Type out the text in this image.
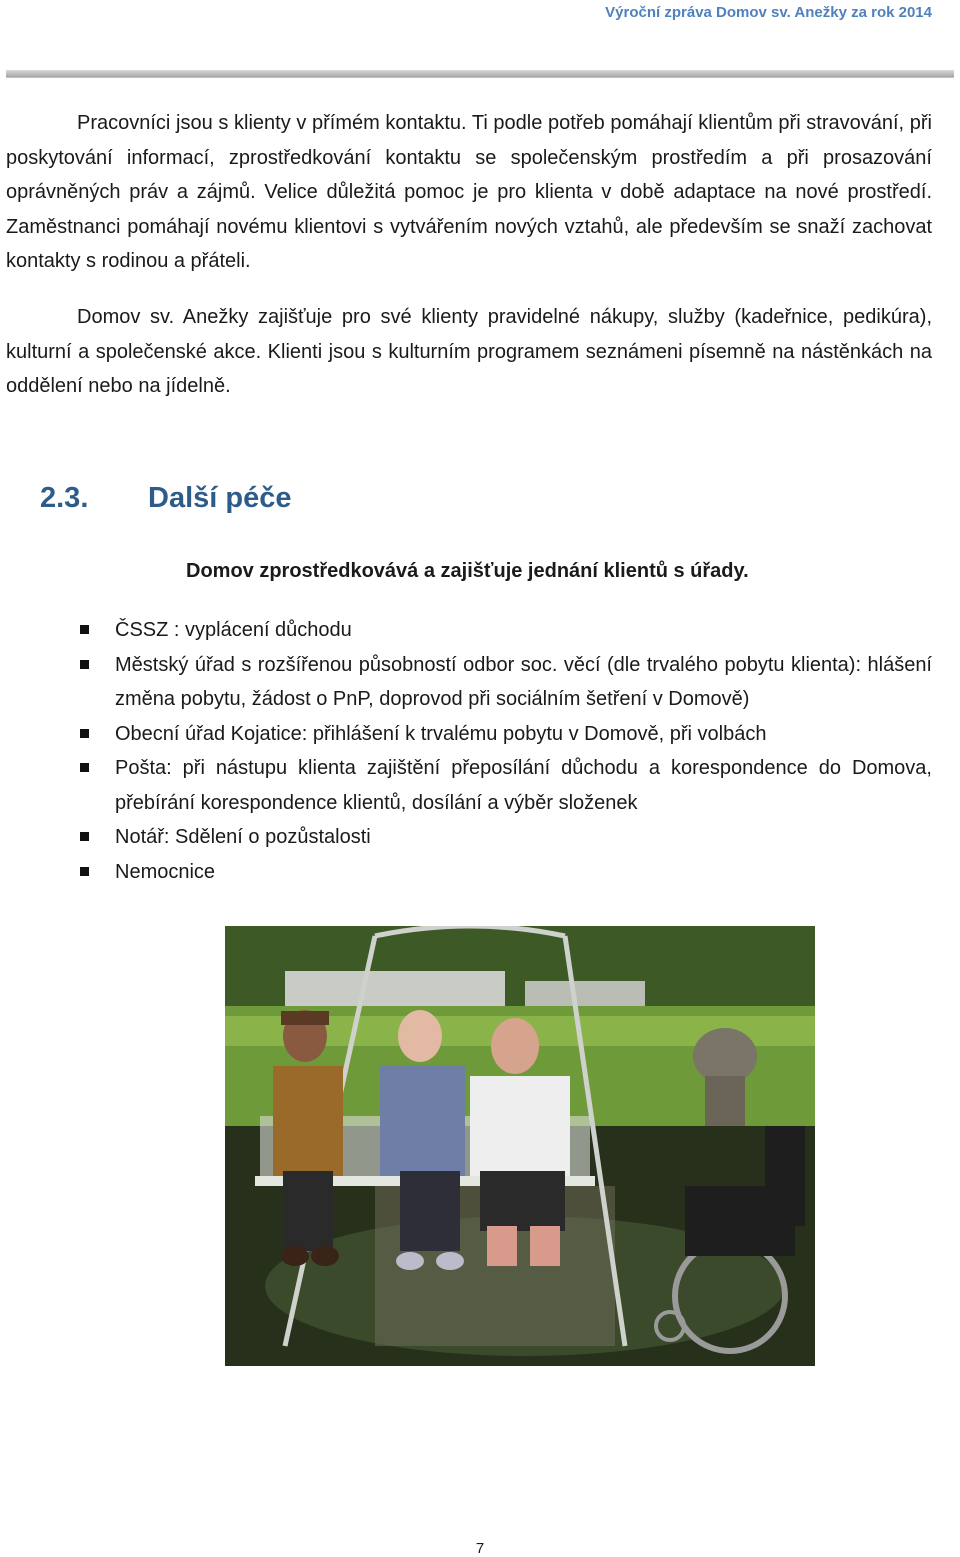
Výroční zpráva Domov sv. Anežky za rok 2014

Pracovníci jsou s klienty v přímém kontaktu. Ti podle potřeb pomáhají klientům při stravování, při poskytování informací, zprostředkování kontaktu se společenským prostředím a při prosazování oprávněných práv a zájmů. Velice důležitá pomoc je pro klienta v době adaptace na nové prostředí. Zaměstnanci pomáhají novému klientovi s vytvářením nových vztahů, ale především se snaží zachovat kontakty s rodinou a přáteli.

Domov sv. Anežky zajišťuje pro své klienty pravidelné nákupy, služby (kadeřnice, pedikúra), kulturní a společenské akce. Klienti jsou s kulturním programem seznámeni písemně na nástěnkách na oddělení nebo na jídelně.

2.3. Další péče

Domov zprostředkovává a zajišťuje jednání klientů s úřady.

ČSSZ : vyplácení důchodu
Městský úřad s rozšířenou působností odbor soc. věcí (dle trvalého pobytu klienta): hlášení změna pobytu, žádost o PnP, doprovod při sociálním šetření v Domově)
Obecní úřad Kojatice: přihlášení k trvalému pobytu v Domově, při volbách
Pošta: při nástupu klienta zajištění přeposílání důchodu a korespondence do Domova, přebírání korespondence klientů, dosílání a výběr složenek
Notář: Sdělení o pozůstalosti
Nemocnice
7
